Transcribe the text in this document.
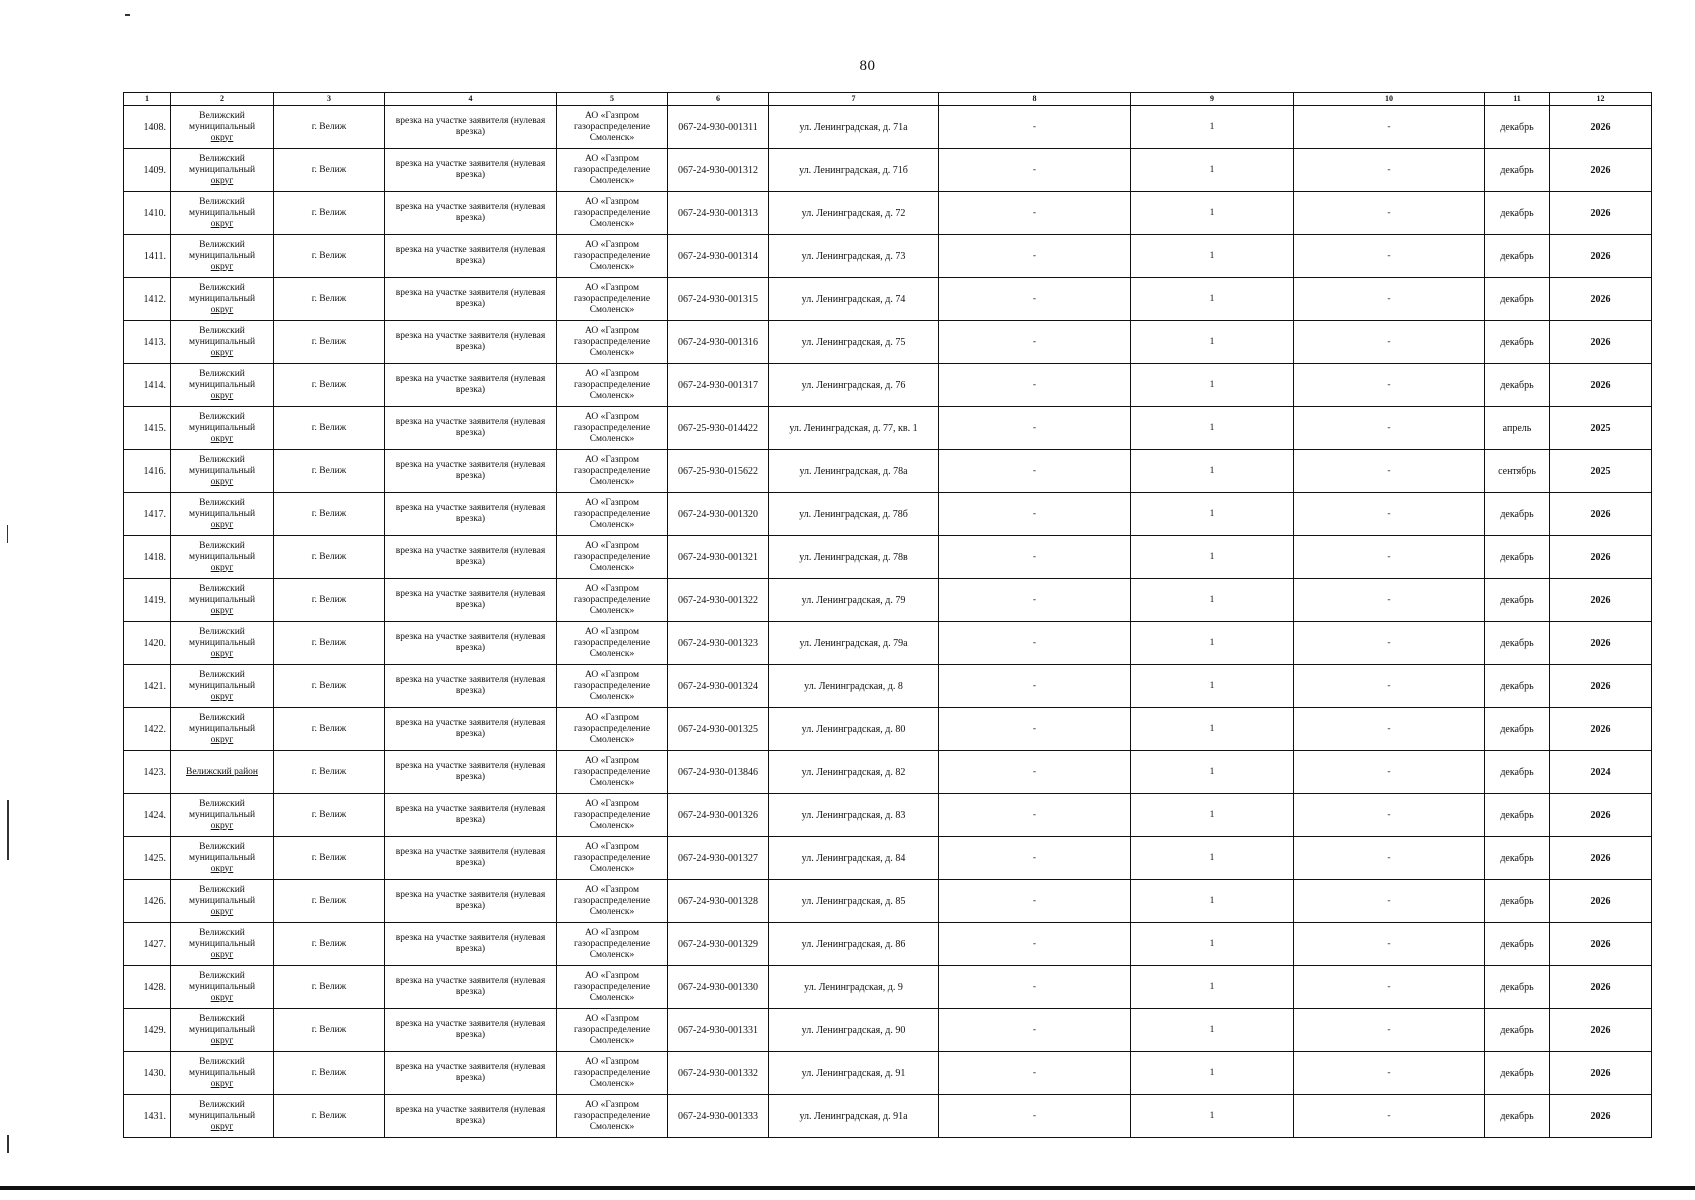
80
1	2	3	4	5	6	7	8	9	10	11	12
1408.	Велижский
муниципальный
округ	г. Велиж	врезка на участке заявителя (нулевая врезка)	АО «Газпром газораспределение Смоленск»	067-24-930-001311	ул. Ленинградская, д. 71а	-	1	-	декабрь	2026
1409.	Велижский
муниципальный
округ	г. Велиж	врезка на участке заявителя (нулевая врезка)	АО «Газпром газораспределение Смоленск»	067-24-930-001312	ул. Ленинградская, д. 71б	-	1	-	декабрь	2026
1410.	Велижский
муниципальный
округ	г. Велиж	врезка на участке заявителя (нулевая врезка)	АО «Газпром газораспределение Смоленск»	067-24-930-001313	ул. Ленинградская, д. 72	-	1	-	декабрь	2026
1411.	Велижский
муниципальный
округ	г. Велиж	врезка на участке заявителя (нулевая врезка)	АО «Газпром газораспределение Смоленск»	067-24-930-001314	ул. Ленинградская, д. 73	-	1	-	декабрь	2026
1412.	Велижский
муниципальный
округ	г. Велиж	врезка на участке заявителя (нулевая врезка)	АО «Газпром газораспределение Смоленск»	067-24-930-001315	ул. Ленинградская, д. 74	-	1	-	декабрь	2026
1413.	Велижский
муниципальный
округ	г. Велиж	врезка на участке заявителя (нулевая врезка)	АО «Газпром газораспределение Смоленск»	067-24-930-001316	ул. Ленинградская, д. 75	-	1	-	декабрь	2026
1414.	Велижский
муниципальный
округ	г. Велиж	врезка на участке заявителя (нулевая врезка)	АО «Газпром газораспределение Смоленск»	067-24-930-001317	ул. Ленинградская, д. 76	-	1	-	декабрь	2026
1415.	Велижский
муниципальный
округ	г. Велиж	врезка на участке заявителя (нулевая врезка)	АО «Газпром газораспределение Смоленск»	067-25-930-014422	ул. Ленинградская, д. 77, кв. 1	-	1	-	апрель	2025
1416.	Велижский
муниципальный
округ	г. Велиж	врезка на участке заявителя (нулевая врезка)	АО «Газпром газораспределение Смоленск»	067-25-930-015622	ул. Ленинградская, д. 78а	-	1	-	сентябрь	2025
1417.	Велижский
муниципальный
округ	г. Велиж	врезка на участке заявителя (нулевая врезка)	АО «Газпром газораспределение Смоленск»	067-24-930-001320	ул. Ленинградская, д. 78б	-	1	-	декабрь	2026
1418.	Велижский
муниципальный
округ	г. Велиж	врезка на участке заявителя (нулевая врезка)	АО «Газпром газораспределение Смоленск»	067-24-930-001321	ул. Ленинградская, д. 78в	-	1	-	декабрь	2026
1419.	Велижский
муниципальный
округ	г. Велиж	врезка на участке заявителя (нулевая врезка)	АО «Газпром газораспределение Смоленск»	067-24-930-001322	ул. Ленинградская, д. 79	-	1	-	декабрь	2026
1420.	Велижский
муниципальный
округ	г. Велиж	врезка на участке заявителя (нулевая врезка)	АО «Газпром газораспределение Смоленск»	067-24-930-001323	ул. Ленинградская, д. 79а	-	1	-	декабрь	2026
1421.	Велижский
муниципальный
округ	г. Велиж	врезка на участке заявителя (нулевая врезка)	АО «Газпром газораспределение Смоленск»	067-24-930-001324	ул. Ленинградская, д. 8	-	1	-	декабрь	2026
1422.	Велижский
муниципальный
округ	г. Велиж	врезка на участке заявителя (нулевая врезка)	АО «Газпром газораспределение Смоленск»	067-24-930-001325	ул. Ленинградская, д. 80	-	1	-	декабрь	2026
1423.	Велижский район	г. Велиж	врезка на участке заявителя (нулевая врезка)	АО «Газпром газораспределение Смоленск»	067-24-930-013846	ул. Ленинградская, д. 82	-	1	-	декабрь	2024
1424.	Велижский
муниципальный
округ	г. Велиж	врезка на участке заявителя (нулевая врезка)	АО «Газпром газораспределение Смоленск»	067-24-930-001326	ул. Ленинградская, д. 83	-	1	-	декабрь	2026
1425.	Велижский
муниципальный
округ	г. Велиж	врезка на участке заявителя (нулевая врезка)	АО «Газпром газораспределение Смоленск»	067-24-930-001327	ул. Ленинградская, д. 84	-	1	-	декабрь	2026
1426.	Велижский
муниципальный
округ	г. Велиж	врезка на участке заявителя (нулевая врезка)	АО «Газпром газораспределение Смоленск»	067-24-930-001328	ул. Ленинградская, д. 85	-	1	-	декабрь	2026
1427.	Велижский
муниципальный
округ	г. Велиж	врезка на участке заявителя (нулевая врезка)	АО «Газпром газораспределение Смоленск»	067-24-930-001329	ул. Ленинградская, д. 86	-	1	-	декабрь	2026
1428.	Велижский
муниципальный
округ	г. Велиж	врезка на участке заявителя (нулевая врезка)	АО «Газпром газораспределение Смоленск»	067-24-930-001330	ул. Ленинградская, д. 9	-	1	-	декабрь	2026
1429.	Велижский
муниципальный
округ	г. Велиж	врезка на участке заявителя (нулевая врезка)	АО «Газпром газораспределение Смоленск»	067-24-930-001331	ул. Ленинградская, д. 90	-	1	-	декабрь	2026
1430.	Велижский
муниципальный
округ	г. Велиж	врезка на участке заявителя (нулевая врезка)	АО «Газпром газораспределение Смоленск»	067-24-930-001332	ул. Ленинградская, д. 91	-	1	-	декабрь	2026
1431.	Велижский
муниципальный
округ	г. Велиж	врезка на участке заявителя (нулевая врезка)	АО «Газпром газораспределение Смоленск»	067-24-930-001333	ул. Ленинградская, д. 91а	-	1	-	декабрь	2026
